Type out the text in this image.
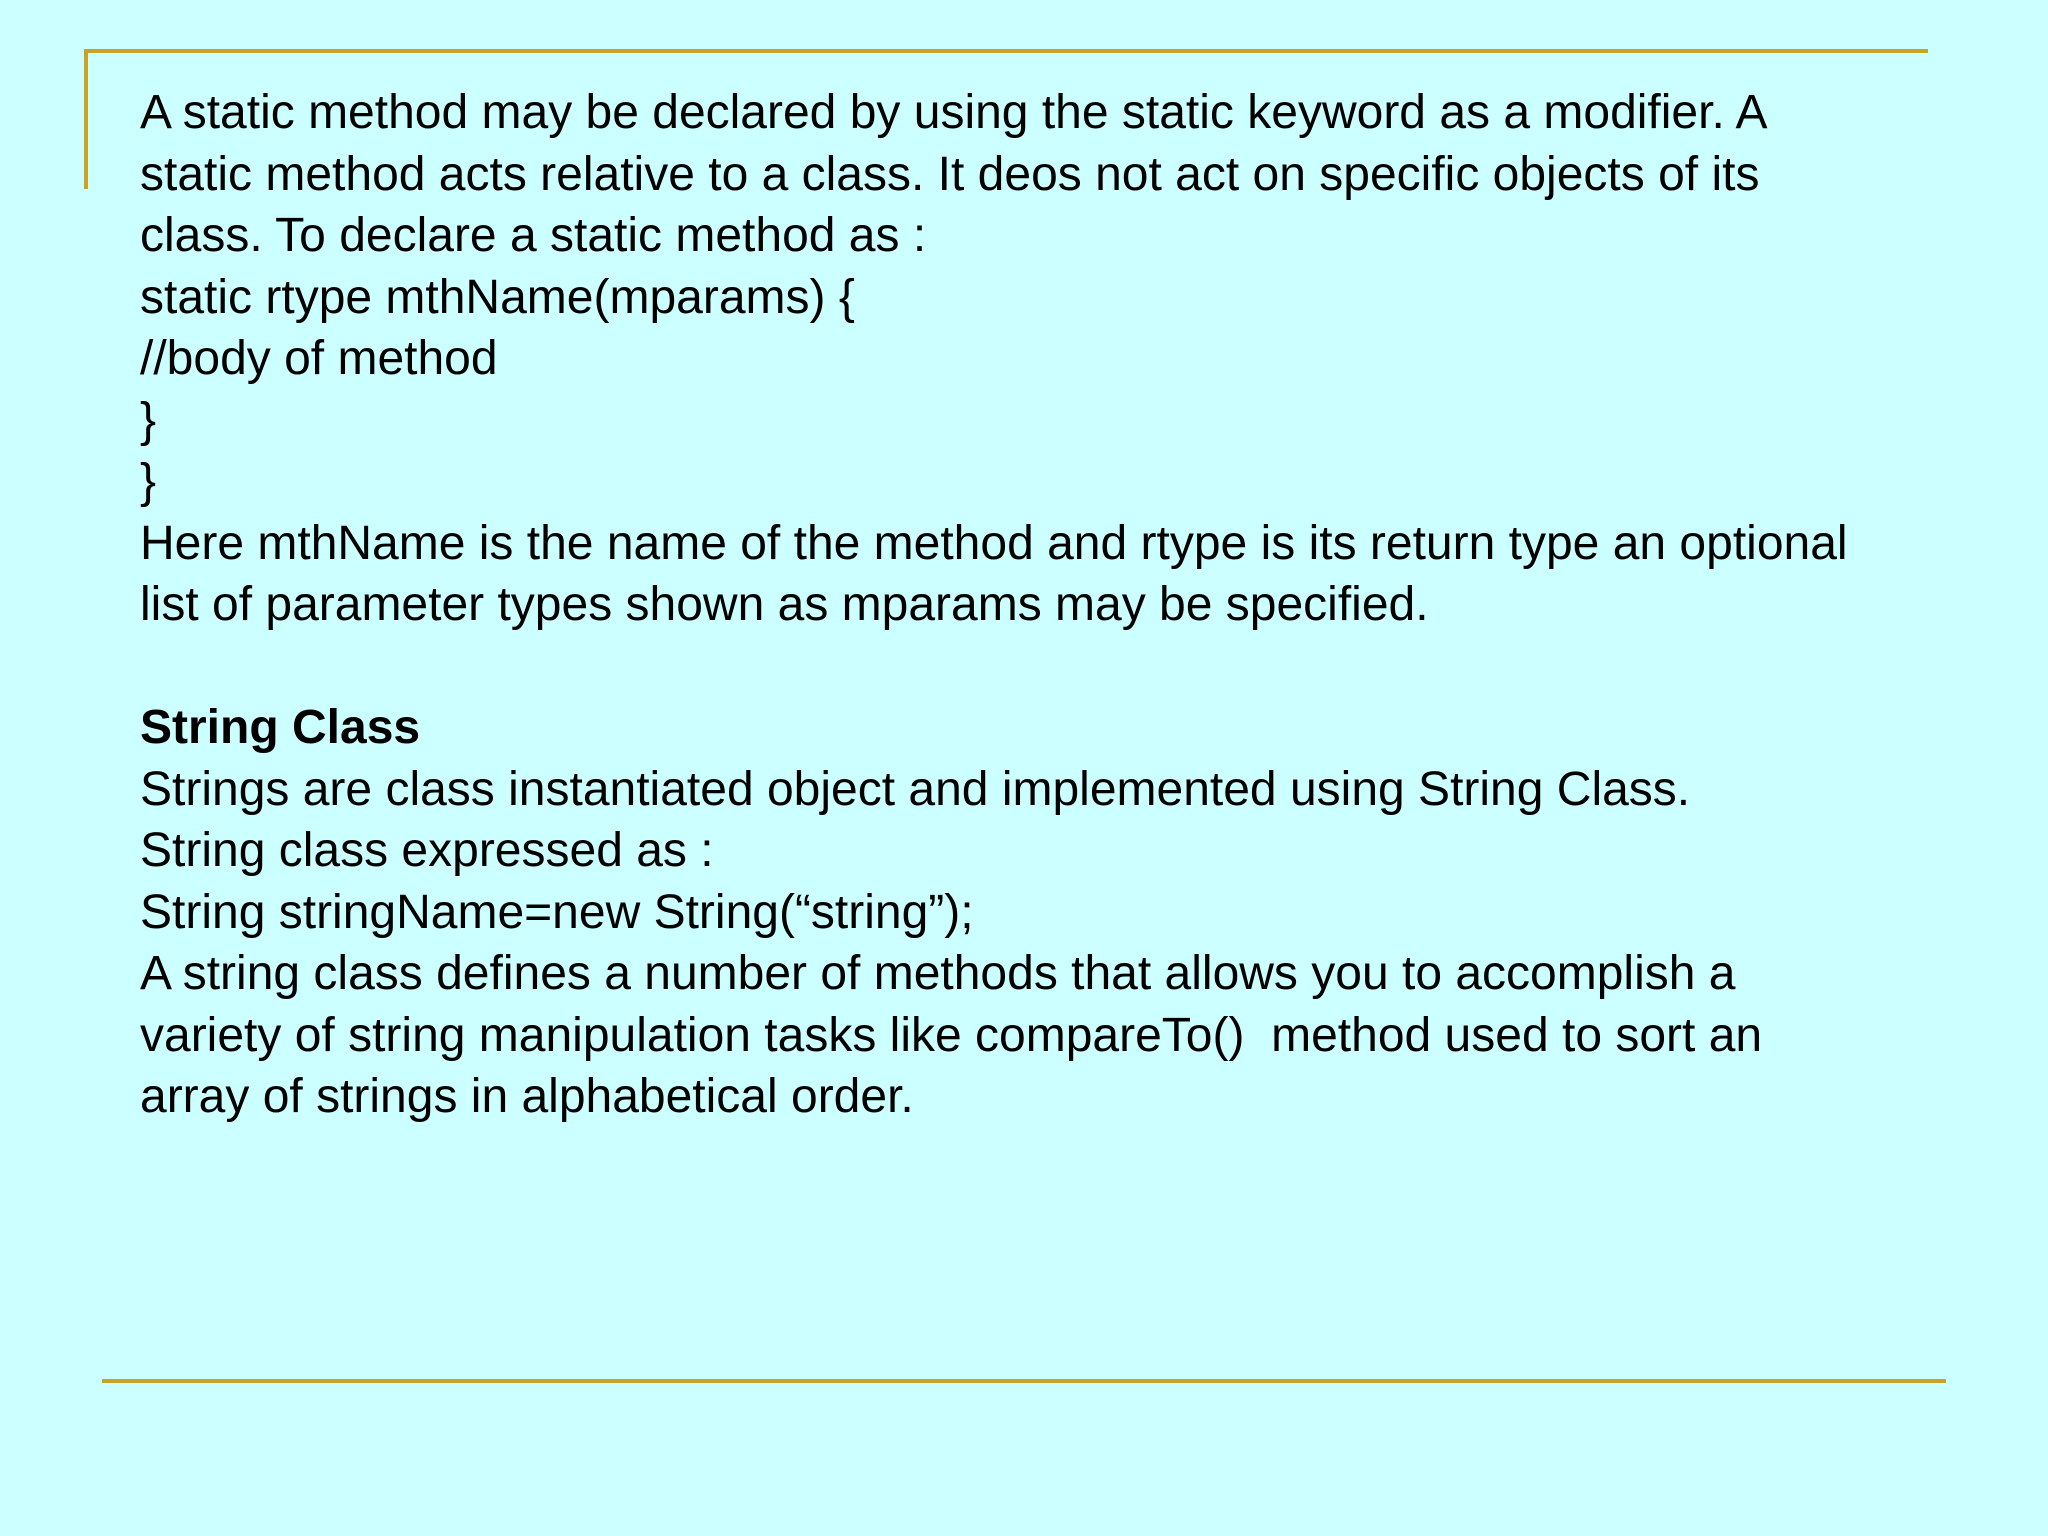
A static method may be declared by using the static keyword as a modifier. A
static method acts relative to a class. It deos not act on specific objects of its
class. To declare a static method as :
static rtype mthName(mparams) {
//body of method
}
}
Here mthName is the name of the method and rtype is its return type an optional
list of parameter types shown as mparams may be specified.
String Class
Strings are class instantiated object and implemented using String Class.
String class expressed as :
String stringName=new String(“string”);
A string class defines a number of methods that allows you to accomplish a
variety of string manipulation tasks like compareTo()  method used to sort an
array of strings in alphabetical order.
